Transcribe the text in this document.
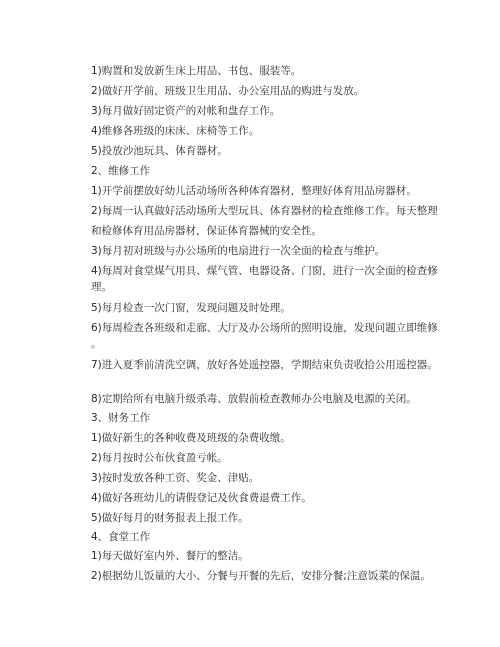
1)购置和发放新生床上用品、书包、服装等。
2)做好开学前，班级卫生用品、办公室用品的购进与发放。
3)每月做好固定资产的对帐和盘存工作。
4)维修各班级的床床、床椅等工作。
5)投放沙池玩具、体育器材。
2、维修工作
1)开学前摆放好幼儿活动场所各种体育器材，整理好体育用品房器材。
2)每周一认真做好活动场所大型玩具、体育器材的检查维修工作。每天整理
和检修体育用品房器材，保证体育器械的安全性。
3)每月初对班级与办公场所的电扇进行一次全面的检查与维护。
4)每周对食堂煤气用具、煤气管、电器设备、门窗，进行一次全面的检查修
理。
5)每月检查一次门窗，发现问题及时处理。
6)每周检查各班级和走廊、大厅及办公场所的照明设施，发现问题立即维修
。
7)进入夏季前清洗空调，放好各处遥控器，学期结束负责收拾公用遥控器。
8)定期给所有电脑升级杀毒、放假前检查教师办公电脑及电源的关闭。
3、财务工作
1)做好新生的各种收费及班级的杂费收缴。
2)每月按时公布伙食盈亏帐。
3)按时发放各种工资、奖金、津贴。
4)做好各班幼儿的请假登记及伙食费退费工作。
5)做好每月的财务报表上报工作。
4、食堂工作
1)每天做好室内外、餐厅的整洁。
2)根据幼儿饭量的大小、分餐与开餐的先后，安排分餐;注意饭菜的保温。
